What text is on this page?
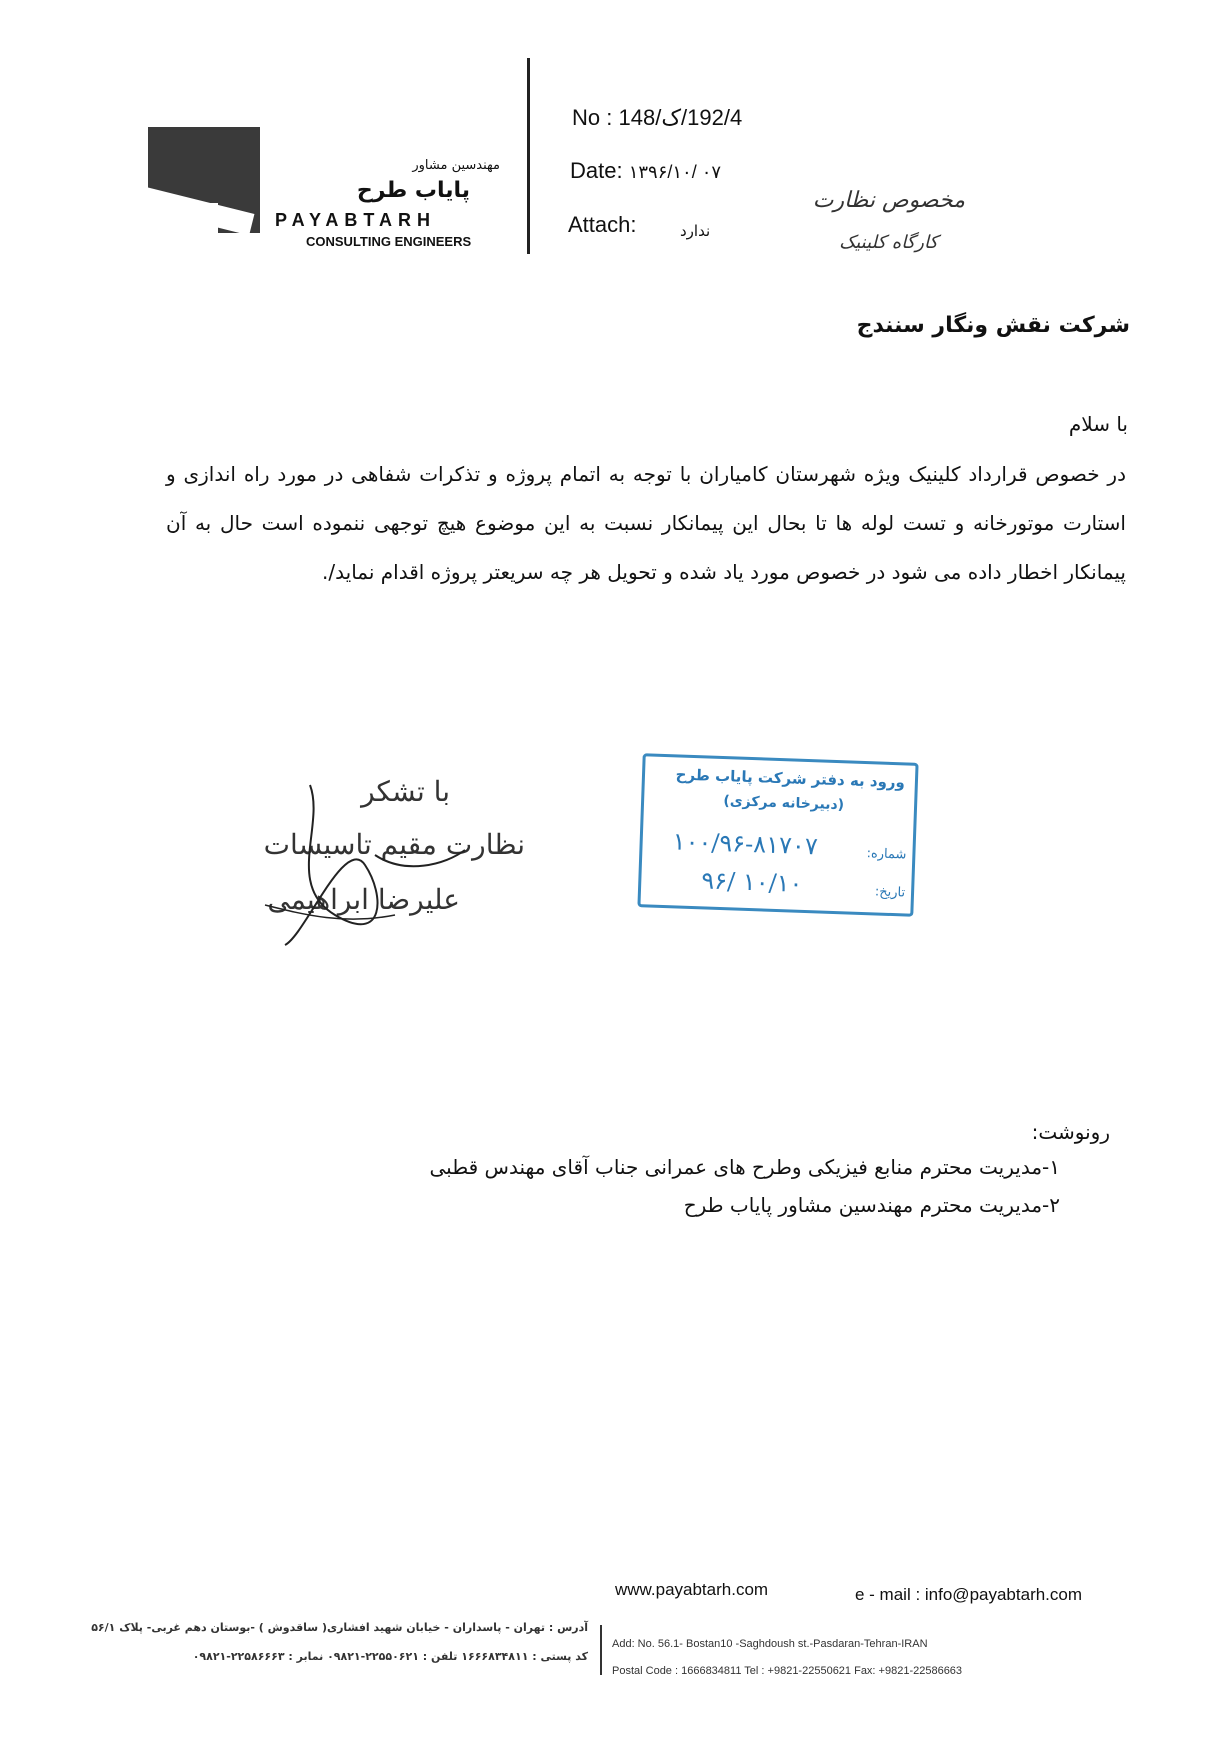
مهندسین مشاور
پایاب طرح
PAYABTARH
CONSULTING ENGINEERS
No : 192/4/ک/148
Date: ۱۳۹۶/۱۰/ ۰۷
Attach:	ندارد
مخصوص نظارت
کارگاه کلینیک
شرکت نقش ونگار سنندج
با سلام
در خصوص قرارداد کلینیک ویژه شهرستان کامیاران با توجه به اتمام پروژه و تذکرات شفاهی در مورد راه اندازی و استارت موتورخانه و تست لوله ها تا بحال این پیمانکار نسبت به این موضوع هیچ توجهی ننموده است حال به آن پیمانکار اخطار داده می شود در خصوص مورد یاد شده و تحویل هر چه سریعتر پروژه اقدام نماید/.
با تشکر
نظارت مقیم تاسیسات
علیرضا ابراهیمی
ورود به دفتر شرکت پایاب طرح
(دبیرخانه مرکزی)
شماره:
۱۰۰/۹۶-۸۱۷۰۷
تاریخ:
۹۶/ ۱۰/۱۰
رونوشت:
۱-مدیریت محترم منابع فیزیکی وطرح های عمرانی جناب آقای مهندس قطبی
۲-مدیریت محترم مهندسین مشاور پایاب طرح
www.payabtarh.com	e - mail : info@payabtarh.com
آدرس : تهران - پاسداران - خیابان شهید افشاری( ساقدوش ) -بوستان دهم غربی- پلاک ۵۶/۱
کد پستی : ۱۶۶۶۸۳۴۸۱۱ تلفن : ۲۲۵۵۰۶۲۱-۰۹۸۲۱ نمابر : ۲۲۵۸۶۶۶۳-۰۹۸۲۱
Add: No. 56.1- Bostan10 -Saghdoush st.-Pasdaran-Tehran-IRAN
Postal Code : 1666834811 Tel : +9821-22550621 Fax: +9821-22586663
